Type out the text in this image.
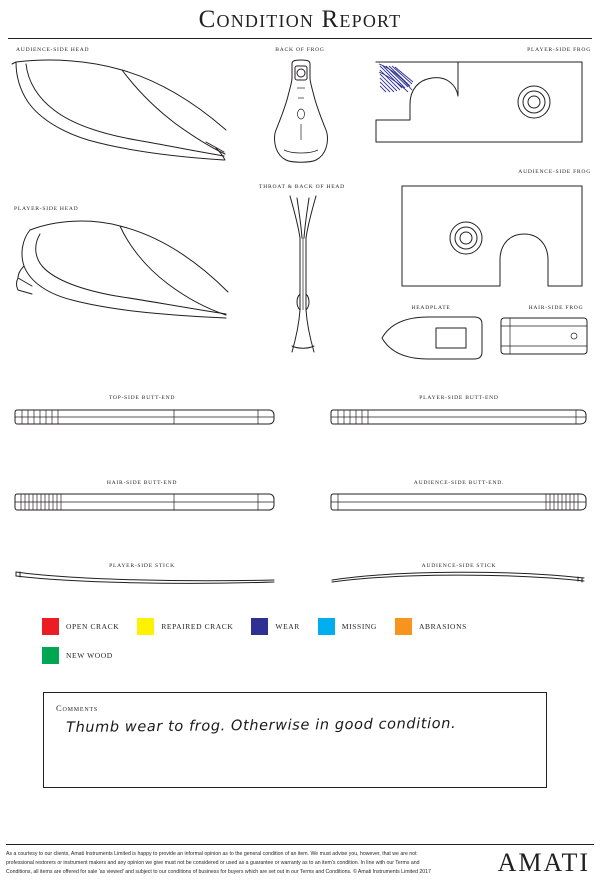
Condition Report
AUDIENCE-SIDE HEAD
PLAYER-SIDE HEAD
BACK OF FROG
THROAT & BACK OF HEAD
PLAYER-SIDE FROG
AUDIENCE-SIDE FROG
HEADPLATE	HAIR-SIDE FROG
TOP-SIDE BUTT-END	PLAYER-SIDE BUTT-END
HAIR-SIDE BUTT-END	AUDIENCE-SIDE BUTT-END.
PLAYER-SIDE STICK	AUDIENCE-SIDE STICK
OPEN CRACK	REPAIRED CRACK	WEAR	MISSING	ABRASIONS
NEW WOOD
Comments
Thumb wear to frog. Otherwise in good condition.
As a courtesy to our clients, Amati Instruments Limited is happy to provide an informal opinion as to the general condition of an item. We must advise you, however, that we are not professional restorers or instrument makers and any opinion we give must not be considered or used as a guarantee or warranty as to an item's condition. In line with our Terms and Conditions, all items are offered for sale 'as viewed' and subject to our conditions of business for buyers which are set out in our Terms and Conditions. © Amati Instruments Limited 2017	AMATI
